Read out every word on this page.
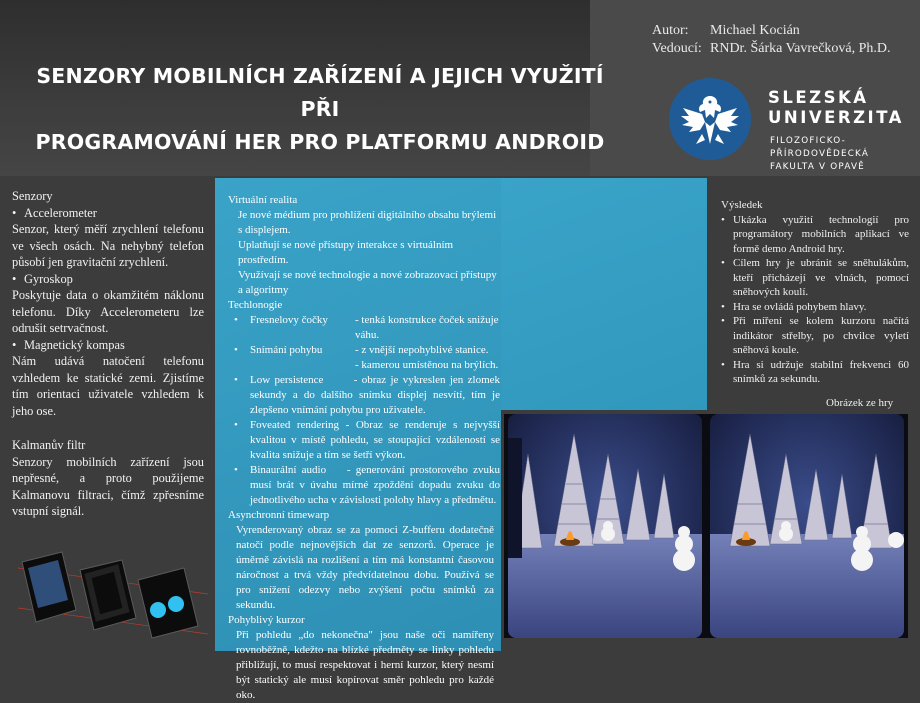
SENZORY MOBILNÍCH ZAŘÍZENÍ A JEJICH VYUŽITÍ PŘI
PROGRAMOVÁNÍ HER PRO PLATFORMU ANDROID
Autor:	Michael Kocián
Vedoucí: RNDr. Šárka Vavrečková, Ph.D.
SLEZSKÁ
UNIVERZITA
FILOZOFICKO-
PŘÍRODOVĚDECKÁ
FAKULTA V OPAVĚ

Senzory

• Accelerometer

Senzor, který měří zrychlení telefonu ve všech osách. Na nehybný telefon působí jen gravitační zrychlení.

• Gyroskop

Poskytuje data o okamžitém náklonu telefonu. Díky Accelerometeru lze odrušit setrvačnost.

• Magnetický kompas

Nám udává natočení telefonu vzhledem ke statické zemi. Zjistíme tím orientaci uživatele vzhledem k jeho ose.

Kalmanův filtr

Senzory mobilních zařízení jsou nepřesné, a proto použijeme Kalmanovu filtraci, čímž zpřesníme vstupní signál.

Virtuální realita

Je nové médium pro prohlížení digitálního obsahu brýlemi s displejem.

Uplatňují se nové přístupy interakce s virtuálním prostředím.

Využívají se nové technologie a nové zobrazovací přístupy a algoritmy

Techlonogie

•	Fresnelovy čočky	- tenká konstrukce čoček snižuje váhu.
•	Snímání pohybu	- z vnější nepohyblivé stanice.
- kamerou umístěnou na brýlích.
• Low persistence	- obraz je vykreslen jen zlomek sekundy a do dalšího snímku displej nesvítí, tím je zlepšeno vnímání pohybu pro uživatele.
• Foveated rendering - Obraz se renderuje s nejvyšší kvalitou v místě pohledu, se stoupající vzdáleností se kvalita snižuje a tím se šetří výkon.
• Binaurální audio - generování prostorového zvuku musí brát v úvahu mírné zpoždění dopadu zvuku do jednotlivého ucha v závislosti polohy hlavy a předmětu.

Asynchronní timewarp

Vyrenderovaný obraz se za pomoci Z-bufferu dodatečně natočí podle nejnovějších dat ze senzorů. Operace je úměrně závislá na rozlišení a tím má konstantní časovou náročnost a trvá vždy předvídatelnou dobu. Používá se pro snížení odezvy nebo zvýšení počtu snímků za sekundu.

Pohyblivý kurzor

Při pohledu „do nekonečna" jsou naše oči namířeny rovnoběžně, kdežto na blízké předměty se linky pohledu přibližují, to musí respektovat i herní kurzor, který nesmí být statický ale musí kopírovat směr pohledu pro každé oko.

Výsledek

• Ukázka využití technologií pro programátory mobilních aplikací ve formě demo Android hry.
• Cílem hry je ubránit se sněhulákům, kteří přicházejí ve vlnách, pomocí sněhových koulí.
• Hra se ovládá pohybem hlavy.
• Při míření se kolem kurzoru načítá indikátor střelby, po chvilce vyletí sněhová koule.
• Hra si udržuje stabilní frekvenci 60 snímků za sekundu.
Obrázek ze hry
